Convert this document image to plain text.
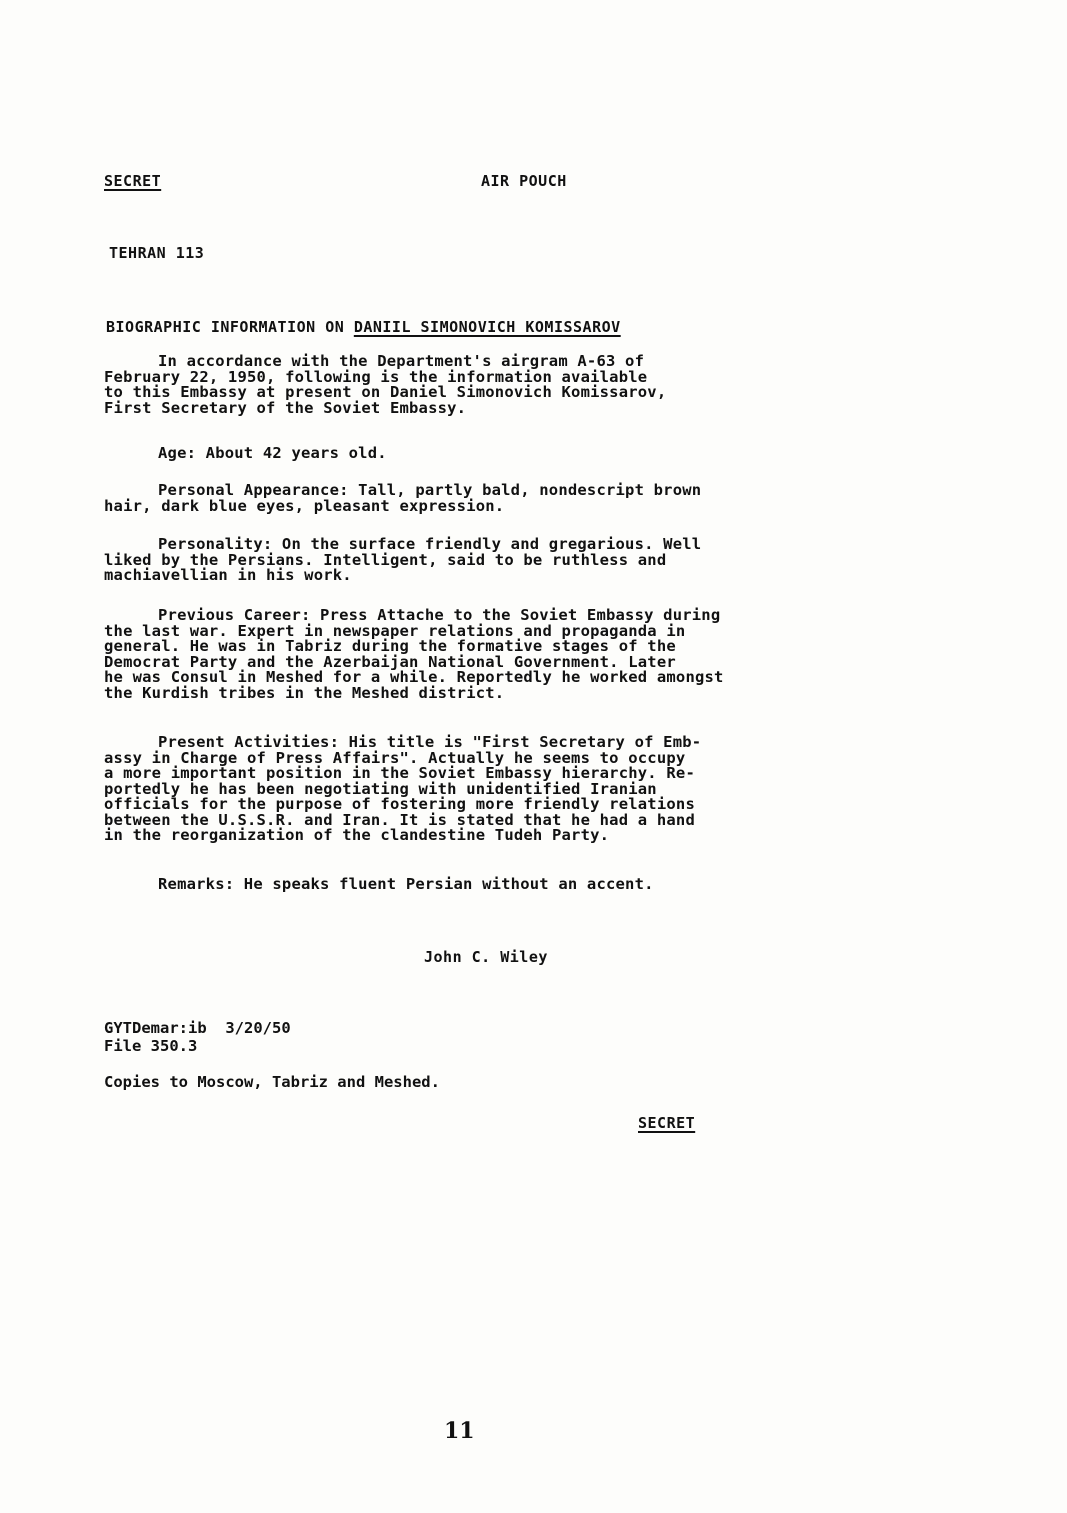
SECRET	AIR POUCH
TEHRAN 113
BIOGRAPHIC INFORMATION ON DANIIL SIMONOVICH KOMISSAROV
In accordance with the Department's airgram A-63 of
February 22, 1950, following is the information available
to this Embassy at present on Daniel Simonovich Komissarov,
First Secretary of the Soviet Embassy.
Age: About 42 years old.
Personal Appearance: Tall, partly bald, nondescript brown
hair, dark blue eyes, pleasant expression.
Personality: On the surface friendly and gregarious. Well
liked by the Persians. Intelligent, said to be ruthless and
machiavellian in his work.
Previous Career: Press Attache to the Soviet Embassy during
the last war. Expert in newspaper relations and propaganda in
general. He was in Tabriz during the formative stages of the
Democrat Party and the Azerbaijan National Government. Later
he was Consul in Meshed for a while. Reportedly he worked amongst
the Kurdish tribes in the Meshed district.
Present Activities: His title is "First Secretary of Emb-
assy in Charge of Press Affairs". Actually he seems to occupy
a more important position in the Soviet Embassy hierarchy. Re-
portedly he has been negotiating with unidentified Iranian
officials for the purpose of fostering more friendly relations
between the U.S.S.R. and Iran. It is stated that he had a hand
in the reorganization of the clandestine Tudeh Party.
Remarks: He speaks fluent Persian without an accent.
John C. Wiley
GYTDemar:ib 3/20/50
File 350.3
Copies to Moscow, Tabriz and Meshed.
SECRET
11
